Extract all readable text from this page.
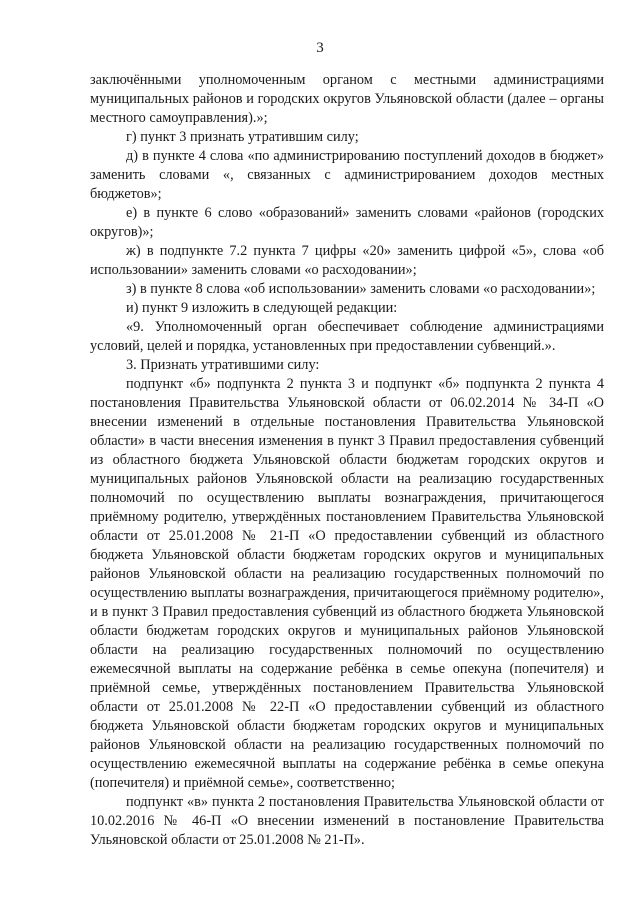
3

заключёнными уполномоченным органом с местными администрациями муниципальных районов и городских округов Ульяновской области (далее – органы местного самоуправления).»;

г) пункт 3 признать утратившим силу;

д) в пункте 4 слова «по администрированию поступлений доходов в бюджет» заменить словами «, связанных с администрированием доходов местных бюджетов»;

е) в пункте 6 слово «образований» заменить словами «районов (городских округов)»;

ж) в подпункте 7.2 пункта 7 цифры «20» заменить цифрой «5», слова «об использовании» заменить словами «о расходовании»;

з) в пункте 8 слова «об использовании» заменить словами «о расходовании»;

и) пункт 9 изложить в следующей редакции:

«9. Уполномоченный орган обеспечивает соблюдение администрациями условий, целей и порядка, установленных при предоставлении субвенций.».

3. Признать утратившими силу:

подпункт «б» подпункта 2 пункта 3 и подпункт «б» подпункта 2 пункта 4 постановления Правительства Ульяновской области от 06.02.2014 № 34-П «О внесении изменений в отдельные постановления Правительства Ульяновской области» в части внесения изменения в пункт 3 Правил предоставления субвенций из областного бюджета Ульяновской области бюджетам городских округов и муниципальных районов Ульяновской области на реализацию государственных полномочий по осуществлению выплаты вознаграждения, причитающегося приёмному родителю, утверждённых постановлением Правительства Ульяновской области от 25.01.2008 № 21-П «О предоставлении субвенций из областного бюджета Ульяновской области бюджетам городских округов и муниципальных районов Ульяновской области на реализацию государственных полномочий по осуществлению выплаты вознаграждения, причитающегося приёмному родителю», и в пункт 3 Правил предоставления субвенций из областного бюджета Ульяновской области бюджетам городских округов и муниципальных районов Ульяновской области на реализацию государственных полномочий по осуществлению ежемесячной выплаты на содержание ребёнка в семье опекуна (попечителя) и приёмной семье, утверждённых постановлением Правительства Ульяновской области от 25.01.2008 № 22-П «О предоставлении субвенций из областного бюджета Ульяновской области бюджетам городских округов и муниципальных районов Ульяновской области на реализацию государственных полномочий по осуществлению ежемесячной выплаты на содержание ребёнка в семье опекуна (попечителя) и приёмной семье», соответственно;

подпункт «в» пункта 2 постановления Правительства Ульяновской области от 10.02.2016 № 46-П «О внесении изменений в постановление Правительства Ульяновской области от 25.01.2008 № 21-П».
